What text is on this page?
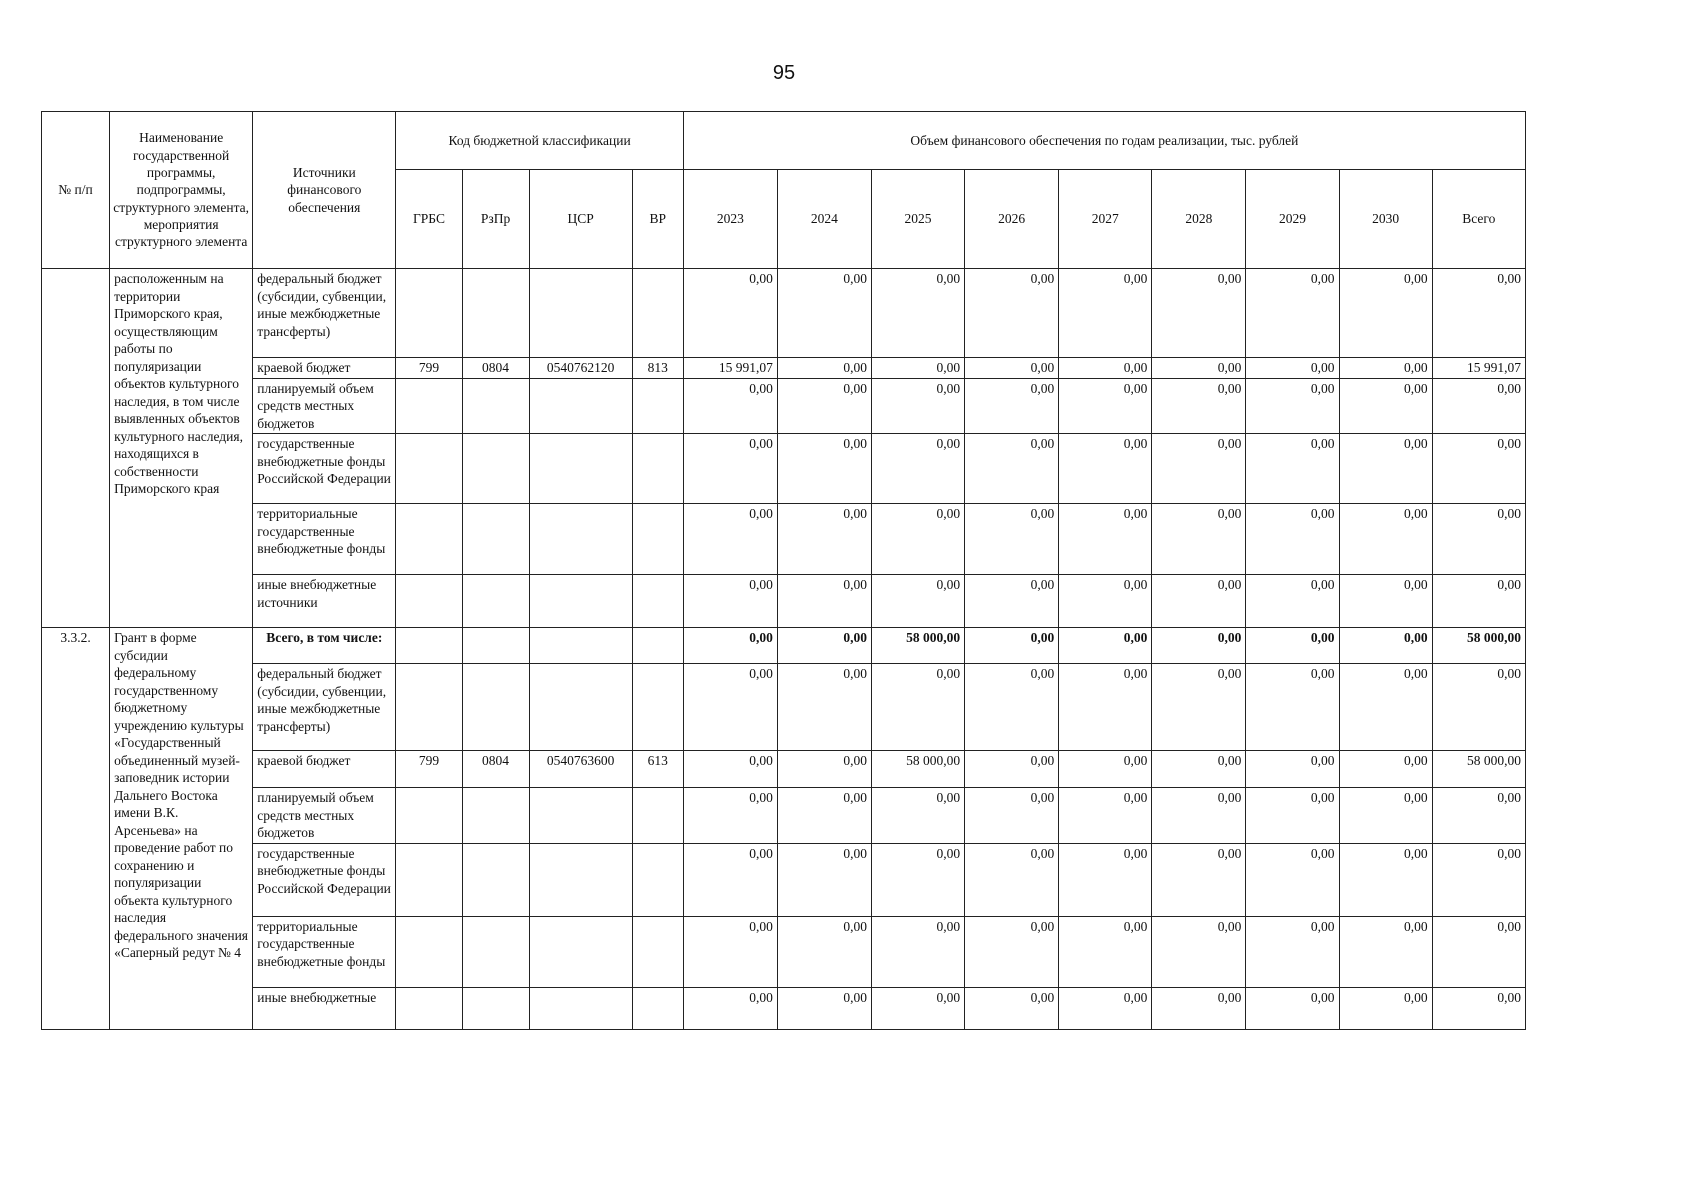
95
№ п/п	Наименование государственной программы, подпрограммы, структурного элемента, мероприятия структурного элемента	Источники финансового обеспечения	Код бюджетной классификации				Объем финансового обеспечения по годам реализации, тыс. рублей								
			ГРБС	РзПр	ЦСР	ВР	2023	2024	2025	2026	2027	2028	2029	2030	Всего
	расположенным на территории Приморского края, осуществляющим работы по популяризации объектов культурного наследия, в том числе выявленных объектов культурного наследия, находящихся в собственности Приморского края	федеральный бюджет (субсидии, субвенции, иные межбюджетные трансферты)					0,00	0,00	0,00	0,00	0,00	0,00	0,00	0,00	0,00
		краевой бюджет	799	0804	0540762120	813	15 991,07	0,00	0,00	0,00	0,00	0,00	0,00	0,00	15 991,07
		планируемый объем средств местных бюджетов					0,00	0,00	0,00	0,00	0,00	0,00	0,00	0,00	0,00
		государственные внебюджетные фонды Российской Федерации					0,00	0,00	0,00	0,00	0,00	0,00	0,00	0,00	0,00
		территориальные государственные внебюджетные фонды					0,00	0,00	0,00	0,00	0,00	0,00	0,00	0,00	0,00
		иные внебюджетные источники					0,00	0,00	0,00	0,00	0,00	0,00	0,00	0,00	0,00
3.3.2.	Грант в форме субсидии федеральному государственному бюджетному учреждению культуры «Государственный объединенный музей-заповедник истории Дальнего Востока имени В.К. Арсеньева» на проведение работ по сохранению и популяризации объекта культурного наследия федерального значения «Саперный редут № 4	Всего, в том числе:					0,00	0,00	58 000,00	0,00	0,00	0,00	0,00	0,00	58 000,00
		федеральный бюджет (субсидии, субвенции, иные межбюджетные трансферты)					0,00	0,00	0,00	0,00	0,00	0,00	0,00	0,00	0,00
		краевой бюджет	799	0804	0540763600	613	0,00	0,00	58 000,00	0,00	0,00	0,00	0,00	0,00	58 000,00
		планируемый объем средств местных бюджетов					0,00	0,00	0,00	0,00	0,00	0,00	0,00	0,00	0,00
		государственные внебюджетные фонды Российской Федерации					0,00	0,00	0,00	0,00	0,00	0,00	0,00	0,00	0,00
		территориальные государственные внебюджетные фонды					0,00	0,00	0,00	0,00	0,00	0,00	0,00	0,00	0,00
		иные внебюджетные					0,00	0,00	0,00	0,00	0,00	0,00	0,00	0,00	0,00
